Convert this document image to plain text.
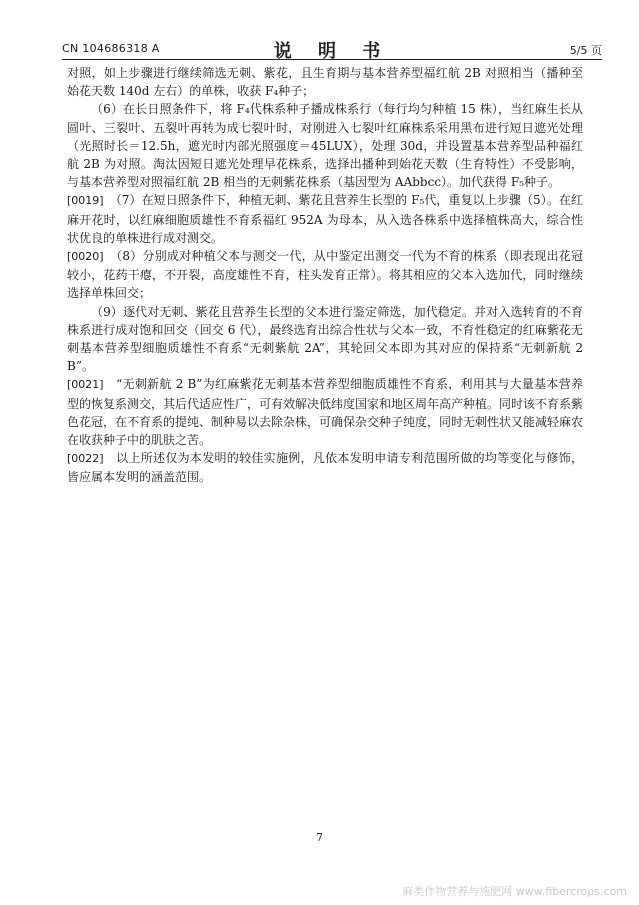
CN 104686318 A	说 明 书	5/5 页

对照，如上步骤进行继续筛选无刺、紫花，且生育期与基本营养型福红航 2B 对照相当（播种至始花天数 140d 左右）的单株，收获 F₄种子；

（6）在长日照条件下，将 F₄代株系种子播成株系行（每行均匀种植 15 株），当红麻生长从圆叶、三裂叶、五裂叶再转为成七裂叶时，对刚进入七裂叶红麻株系采用黑布进行短日遮光处理（光照时长＝12.5h，遮光时内部光照强度＝45LUX），处理 30d，并设置基本营养型品种福红航 2B 为对照。淘汰因短日遮光处理早花株系，选择出播种到始花天数（生育特性）不受影响，与基本营养型对照福红航 2B 相当的无刺紫花株系（基因型为 AAbbcc）。加代获得 F₅种子。

[0019]　 （7）在短日照条件下，种植无刺、紫花且营养生长型的 F₅代，重复以上步骤（5）。在红麻开花时，以红麻细胞质雄性不育系福红 952A 为母本，从入选各株系中选择植株高大，综合性状优良的单株进行成对测交。

[0020]　 （8）分别成对种植父本与测交一代，从中鉴定出测交一代为不育的株系（即表现出花冠较小，花药干瘪，不开裂，高度雄性不育，柱头发育正常）。将其相应的父本入选加代，同时继续选择单株回交；

（9）逐代对无刺、紫花且营养生长型的父本进行鉴定筛选，加代稳定。并对入选转育的不育株系进行成对饱和回交（回交 6 代），最终选育出综合性状与父本一致，不育性稳定的红麻紫花无刺基本营养型细胞质雄性不育系“无刺紫航 2A”，其轮回父本即为其对应的保持系“无刺新航 2 B”。

[0021]　 “无刺新航 2 B”为红麻紫花无刺基本营养型细胞质雄性不育系，利用其与大量基本营养型的恢复系测交，其后代适应性广，可有效解决低纬度国家和地区周年高产种植。同时该不育系紫色花冠，在不育系的提纯、制种易以去除杂株，可确保杂交种子纯度，同时无刺性状又能减轻麻农在收获种子中的肌肤之苦。

[0022]　 以上所述仅为本发明的较佳实施例，凡依本发明申请专利范围所做的均等变化与修饰，皆应属本发明的涵盖范围。

7
麻类作物营养与施肥网 www.fibercrops.com
